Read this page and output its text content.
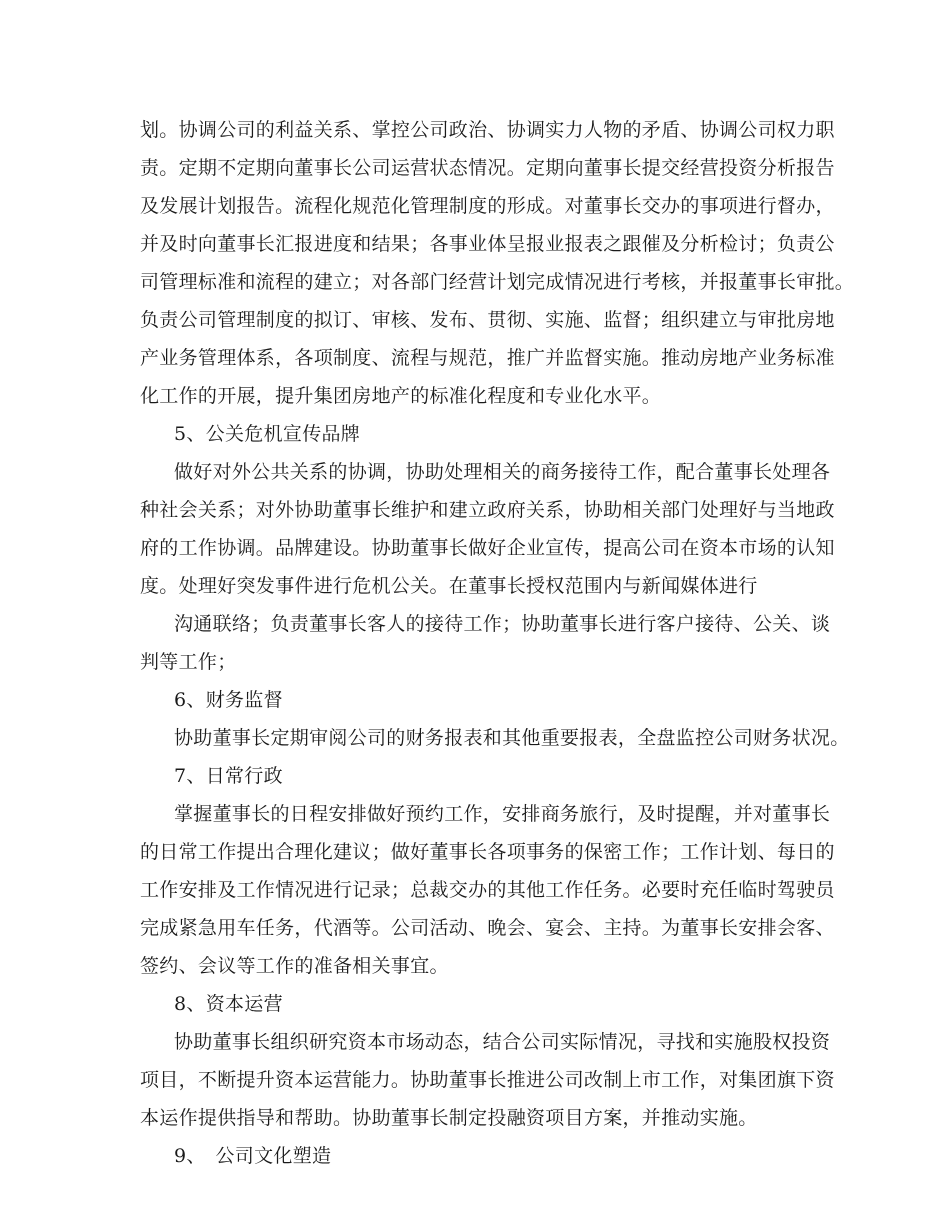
划。协调公司的利益关系、掌控公司政治、协调实力人物的矛盾、协调公司权力职
责。定期不定期向董事长公司运营状态情况。定期向董事长提交经营投资分析报告
及发展计划报告。流程化规范化管理制度的形成。对董事长交办的事项进行督办，
并及时向董事长汇报进度和结果；各事业体呈报业报表之跟催及分析检讨；负责公
司管理标准和流程的建立；对各部门经营计划完成情况进行考核，并报董事长审批。
负责公司管理制度的拟订、审核、发布、贯彻、实施、监督；组织建立与审批房地
产业务管理体系，各项制度、流程与规范，推广并监督实施。推动房地产业务标准
化工作的开展，提升集团房地产的标准化程度和专业化水平。
5、公关危机宣传品牌
做好对外公共关系的协调，协助处理相关的商务接待工作，配合董事长处理各
种社会关系；对外协助董事长维护和建立政府关系，协助相关部门处理好与当地政
府的工作协调。品牌建设。协助董事长做好企业宣传，提高公司在资本市场的认知
度。处理好突发事件进行危机公关。在董事长授权范围内与新闻媒体进行
沟通联络；负责董事长客人的接待工作；协助董事长进行客户接待、公关、谈
判等工作；
6、财务监督
协助董事长定期审阅公司的财务报表和其他重要报表，全盘监控公司财务状况。
7、日常行政
掌握董事长的日程安排做好预约工作，安排商务旅行，及时提醒，并对董事长
的日常工作提出合理化建议；做好董事长各项事务的保密工作；工作计划、每日的
工作安排及工作情况进行记录；总裁交办的其他工作任务。必要时充任临时驾驶员
完成紧急用车任务，代酒等。公司活动、晚会、宴会、主持。为董事长安排会客、
签约、会议等工作的准备相关事宜。
8、资本运营
协助董事长组织研究资本市场动态，结合公司实际情况，寻找和实施股权投资
项目，不断提升资本运营能力。协助董事长推进公司改制上市工作，对集团旗下资
本运作提供指导和帮助。协助董事长制定投融资项目方案，并推动实施。
9、　公司文化塑造
